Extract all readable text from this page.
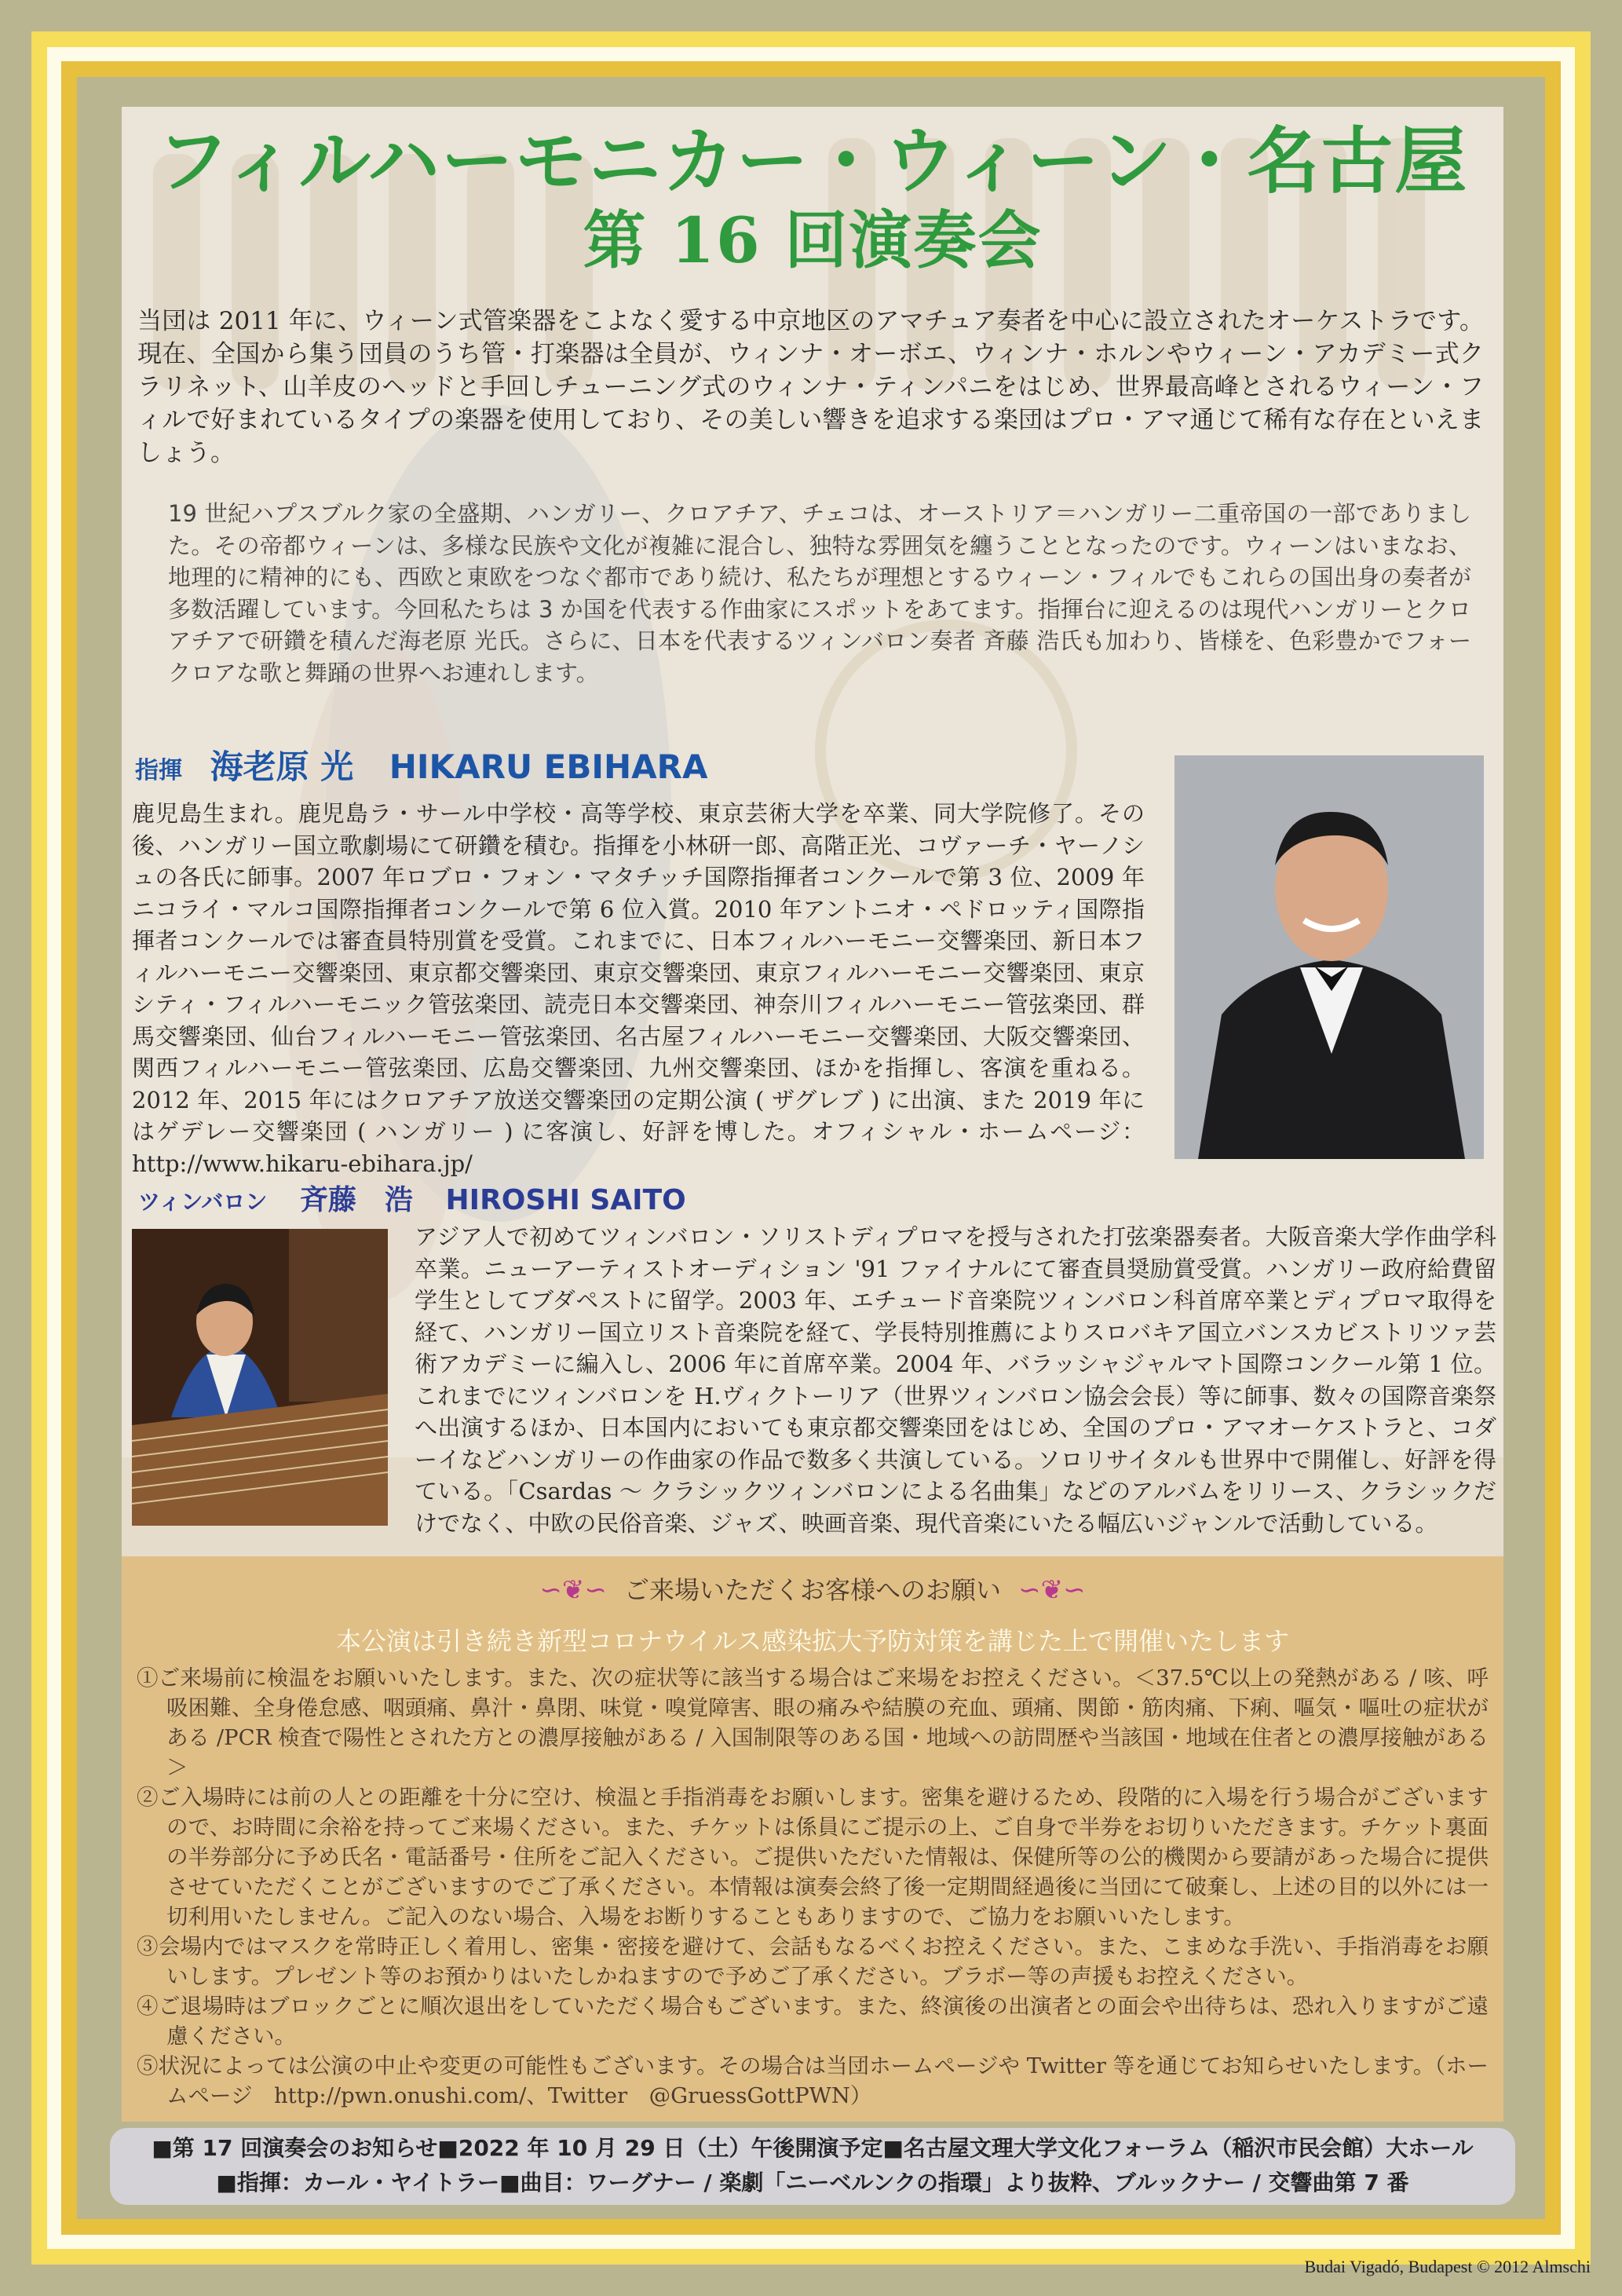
フィルハーモニカー・ウィーン・名古屋
第 16 回演奏会
当団は 2011 年に、ウィーン式管楽器をこよなく愛する中京地区のアマチュア奏者を中心に設立されたオーケストラです。現在、全国から集う団員のうち管・打楽器は全員が、ウィンナ・オーボエ、ウィンナ・ホルンやウィーン・アカデミー式クラリネット、山羊皮のヘッドと手回しチューニング式のウィンナ・ティンパニをはじめ、世界最高峰とされるウィーン・フィルで好まれているタイプの楽器を使用しており、その美しい響きを追求する楽団はプロ・アマ通じて稀有な存在といえましょう。
19 世紀ハプスブルク家の全盛期、ハンガリー、クロアチア、チェコは、オーストリア＝ハンガリー二重帝国の一部でありました。その帝都ウィーンは、多様な民族や文化が複雑に混合し、独特な雰囲気を纏うこととなったのです。ウィーンはいまなお、地理的に精神的にも、西欧と東欧をつなぐ都市であり続け、私たちが理想とするウィーン・フィルでもこれらの国出身の奏者が多数活躍しています。今回私たちは 3 か国を代表する作曲家にスポットをあてます。指揮台に迎えるのは現代ハンガリーとクロアチアで研鑽を積んだ海老原 光氏。さらに、日本を代表するツィンバロン奏者 斉藤 浩氏も加わり、皆様を、色彩豊かでフォークロアな歌と舞踊の世界へお連れします。
指揮 海老原 光 HIKARU EBIHARA
鹿児島生まれ。鹿児島ラ・サール中学校・高等学校、東京芸術大学を卒業、同大学院修了。その後、ハンガリー国立歌劇場にて研鑽を積む。指揮を小林研一郎、高階正光、コヴァーチ・ヤーノシュの各氏に師事。2007 年ロブロ・フォン・マタチッチ国際指揮者コンクールで第 3 位、2009 年ニコライ・マルコ国際指揮者コンクールで第 6 位入賞。2010 年アントニオ・ペドロッティ国際指揮者コンクールでは審査員特別賞を受賞。これまでに、日本フィルハーモニー交響楽団、新日本フィルハーモニー交響楽団、東京都交響楽団、東京交響楽団、東京フィルハーモニー交響楽団、東京シティ・フィルハーモニック管弦楽団、読売日本交響楽団、神奈川フィルハーモニー管弦楽団、群馬交響楽団、仙台フィルハーモニー管弦楽団、名古屋フィルハーモニー交響楽団、大阪交響楽団、関西フィルハーモニー管弦楽団、広島交響楽団、九州交響楽団、ほかを指揮し、客演を重ねる。2012 年、2015 年にはクロアチア放送交響楽団の定期公演 ( ザグレブ ) に出演、また 2019 年にはゲデレー交響楽団 ( ハンガリー ) に客演し、好評を博した。オフィシャル・ホームページ：http://www.hikaru-ebihara.jp/
ツィンバロン 斉藤　浩 HIROSHI SAITO
アジア人で初めてツィンバロン・ソリストディプロマを授与された打弦楽器奏者。大阪音楽大学作曲学科卒業。ニューアーティストオーディション '91 ファイナルにて審査員奨励賞受賞。ハンガリー政府給費留学生としてブダペストに留学。2003 年、エチュード音楽院ツィンバロン科首席卒業とディプロマ取得を経て、ハンガリー国立リスト音楽院を経て、学長特別推薦によりスロバキア国立バンスカビストリツァ芸術アカデミーに編入し、2006 年に首席卒業。2004 年、バラッシャジャルマト国際コンクール第 1 位。これまでにツィンバロンを H.ヴィクトーリア（世界ツィンバロン協会会長）等に師事、数々の国際音楽祭へ出演するほか、日本国内においても東京都交響楽団をはじめ、全国のプロ・アマオーケストラと、コダーイなどハンガリーの作曲家の作品で数多く共演している。ソロリサイタルも世界中で開催し、好評を得ている。「Csardas ～ クラシックツィンバロンによる名曲集」などのアルバムをリリース、クラシックだけでなく、中欧の民俗音楽、ジャズ、映画音楽、現代音楽にいたる幅広いジャンルで活動している。
∽❦∽ ご来場いただくお客様へのお願い ∽❦∽
本公演は引き続き新型コロナウイルス感染拡大予防対策を講じた上で開催いたします
①ご来場前に検温をお願いいたします。また、次の症状等に該当する場合はご来場をお控えください。＜37.5℃以上の発熱がある / 咳、呼吸困難、全身倦怠感、咽頭痛、鼻汁・鼻閉、味覚・嗅覚障害、眼の痛みや結膜の充血、頭痛、関節・筋肉痛、下痢、嘔気・嘔吐の症状がある /PCR 検査で陽性とされた方との濃厚接触がある / 入国制限等のある国・地域への訪問歴や当該国・地域在住者との濃厚接触がある＞
②ご入場時には前の人との距離を十分に空け、検温と手指消毒をお願いします。密集を避けるため、段階的に入場を行う場合がございますので、お時間に余裕を持ってご来場ください。また、チケットは係員にご提示の上、ご自身で半券をお切りいただきます。チケット裏面の半券部分に予め氏名・電話番号・住所をご記入ください。ご提供いただいた情報は、保健所等の公的機関から要請があった場合に提供させていただくことがございますのでご了承ください。本情報は演奏会終了後一定期間経過後に当団にて破棄し、上述の目的以外には一切利用いたしません。ご記入のない場合、入場をお断りすることもありますので、ご協力をお願いいたします。
③会場内ではマスクを常時正しく着用し、密集・密接を避けて、会話もなるべくお控えください。また、こまめな手洗い、手指消毒をお願いします。プレゼント等のお預かりはいたしかねますので予めご了承ください。ブラボー等の声援もお控えください。
④ご退場時はブロックごとに順次退出をしていただく場合もございます。また、終演後の出演者との面会や出待ちは、恐れ入りますがご遠慮ください。
⑤状況によっては公演の中止や変更の可能性もございます。その場合は当団ホームページや Twitter 等を通じてお知らせいたします。（ホームページ　http://pwn.onushi.com/、Twitter　@GruessGottPWN）
■第 17 回演奏会のお知らせ■2022 年 10 月 29 日（土）午後開演予定■名古屋文理大学文化フォーラム（稲沢市民会館）大ホール
■指揮：カール・ヤイトラー■曲目：ワーグナー / 楽劇「ニーベルンクの指環」より抜粋、ブルックナー / 交響曲第 7 番
Budai Vigadó, Budapest © 2012 Almschi
